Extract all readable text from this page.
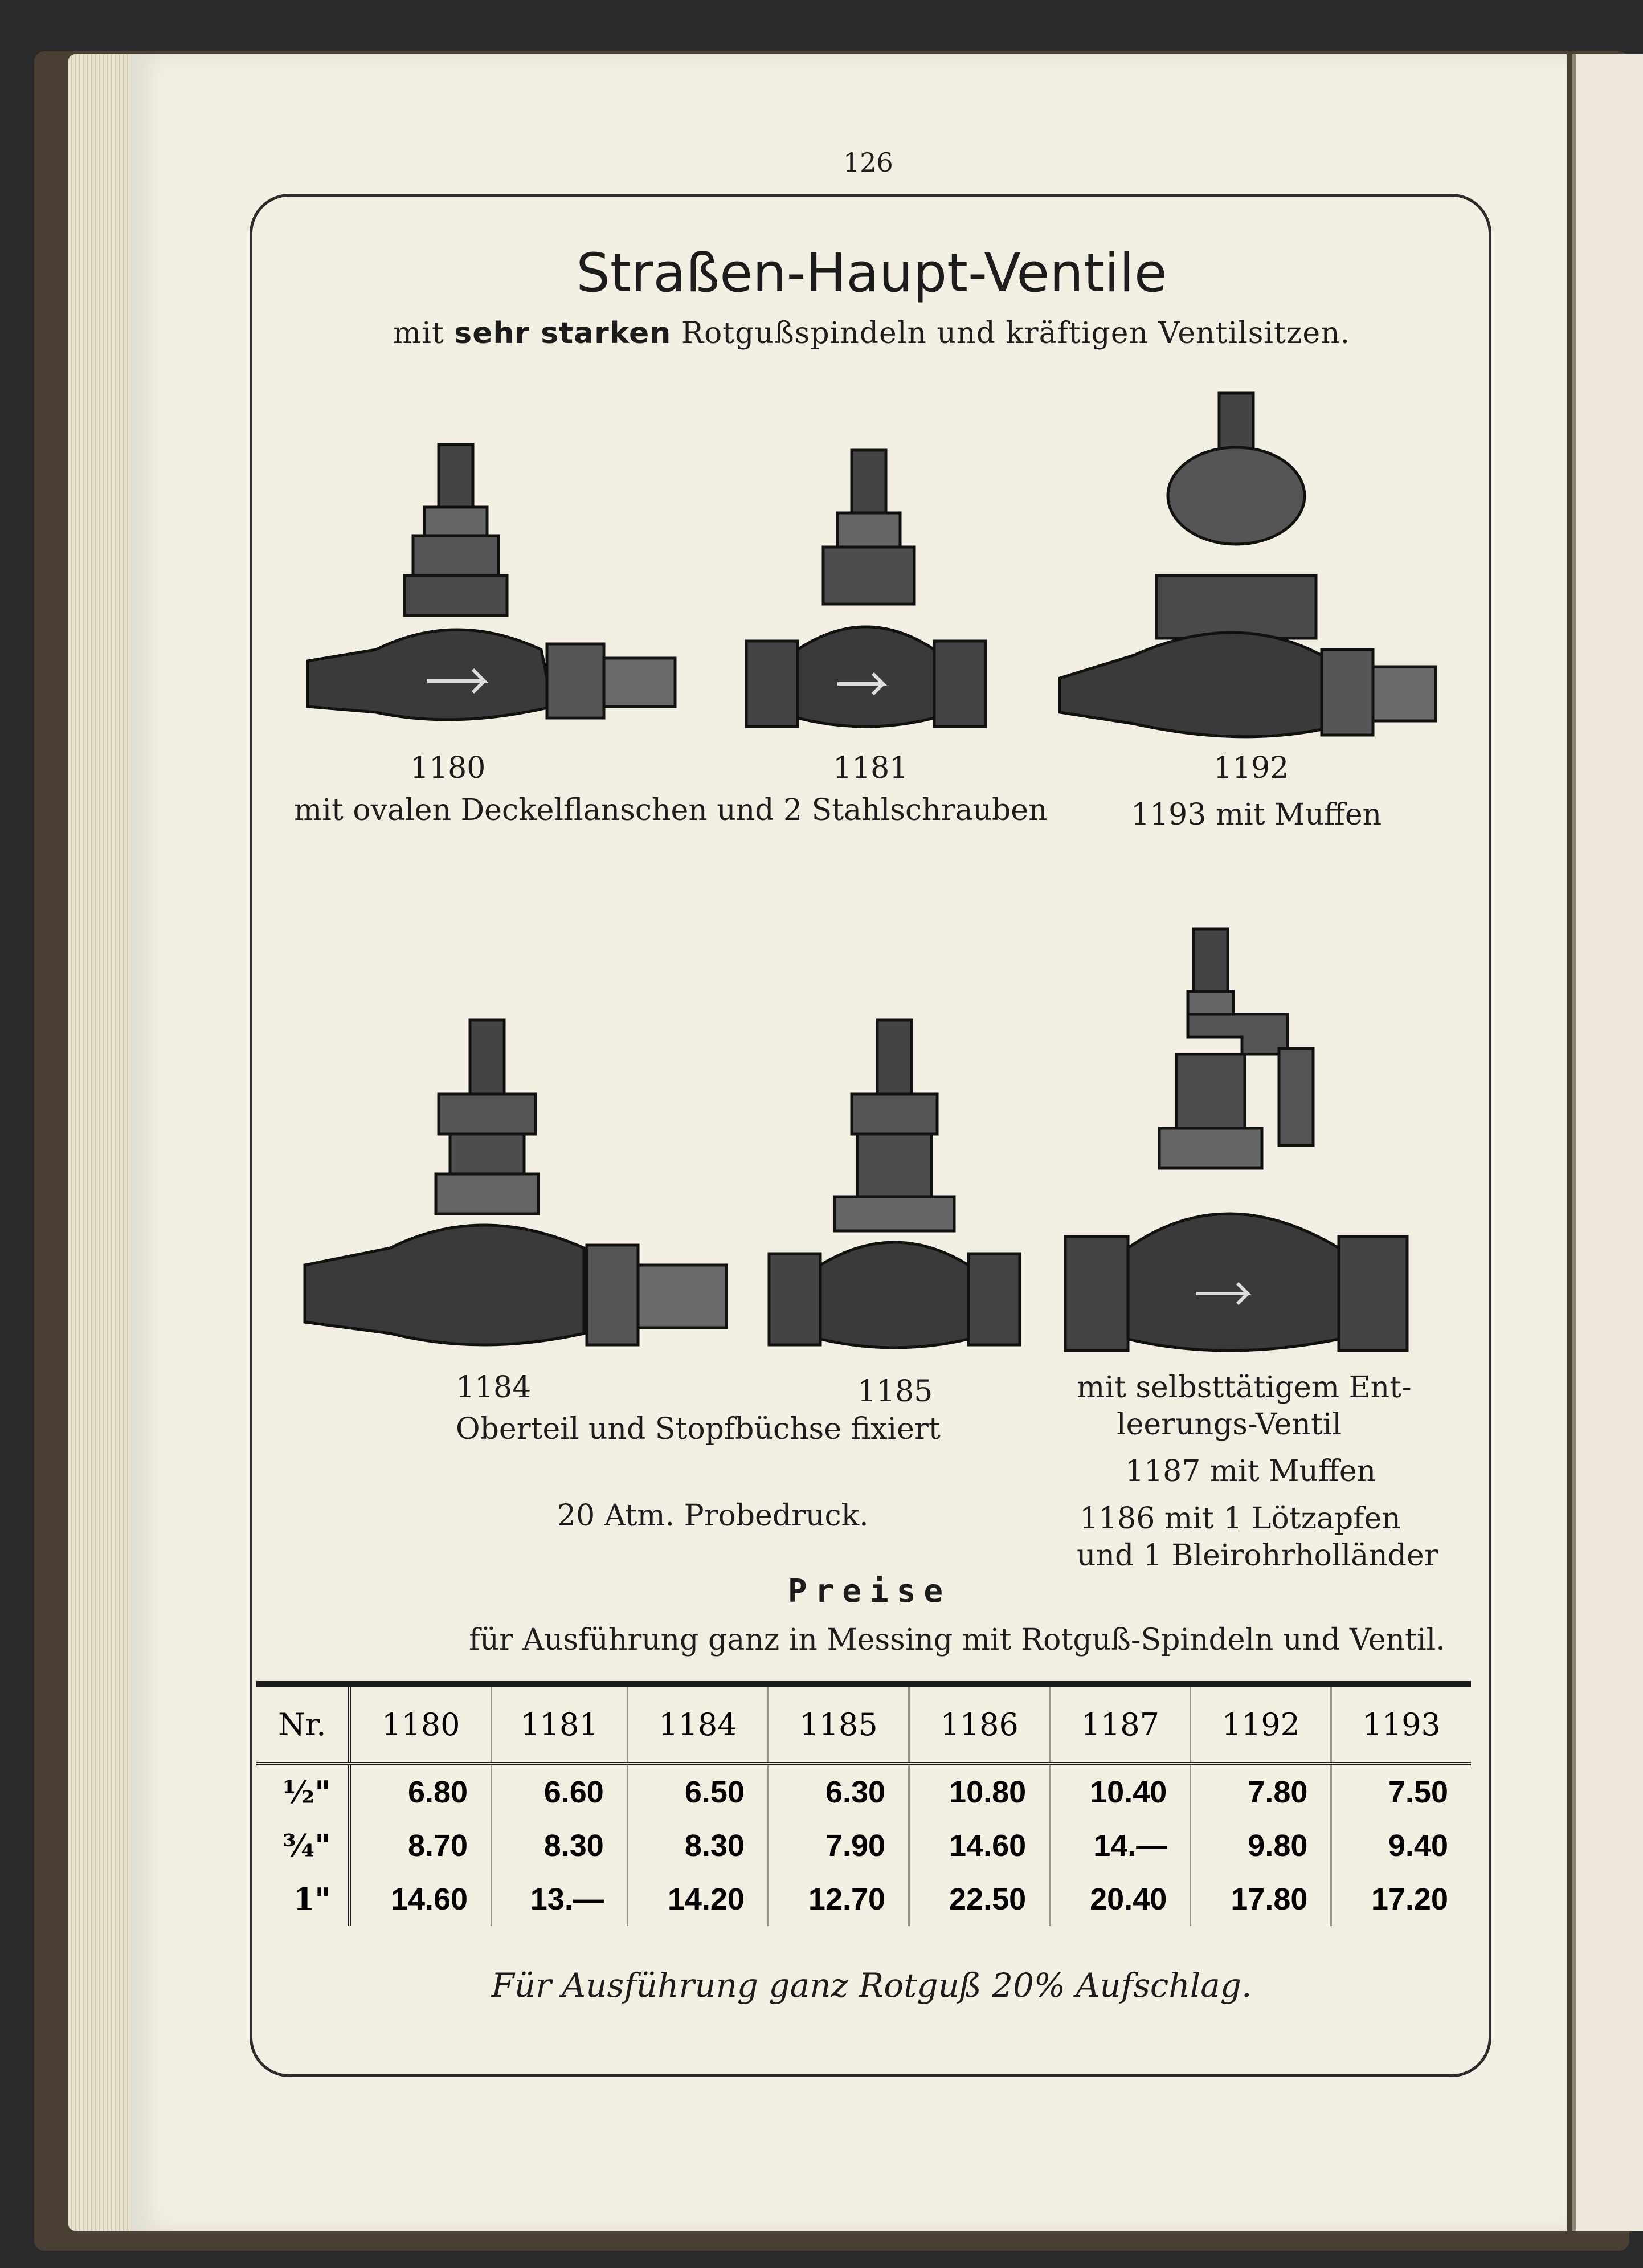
126
Straßen-Haupt-Ventile
mit sehr starken Rotgußspindeln und kräftigen Ventilsitzen.
1180	1181	1192
mit ovalen Deckelflanschen und 2 Stahlschrauben	1193 mit Muffen
1184	1185	mit selbsttätigem Ent-
leerungs-Ventil
Oberteil und Stopfbüchse fixiert
1187 mit Muffen
20 Atm. Probedruck.	1186 mit 1 Lötzapfen
und 1 Bleirohrholländer
Preise
für Ausführung ganz in Messing mit Rotguß-Spindeln und Ventil.
Nr.	1180	1181	1184	1185	1186	1187	1192	1193
½"	6.80	6.60	6.50	6.30	10.80	10.40	7.80	7.50
¾"	8.70	8.30	8.30	7.90	14.60	14.—	9.80	9.40
1"	14.60	13.—	14.20	12.70	22.50	20.40	17.80	17.20
Für Ausführung ganz Rotguß 20% Aufschlag.
